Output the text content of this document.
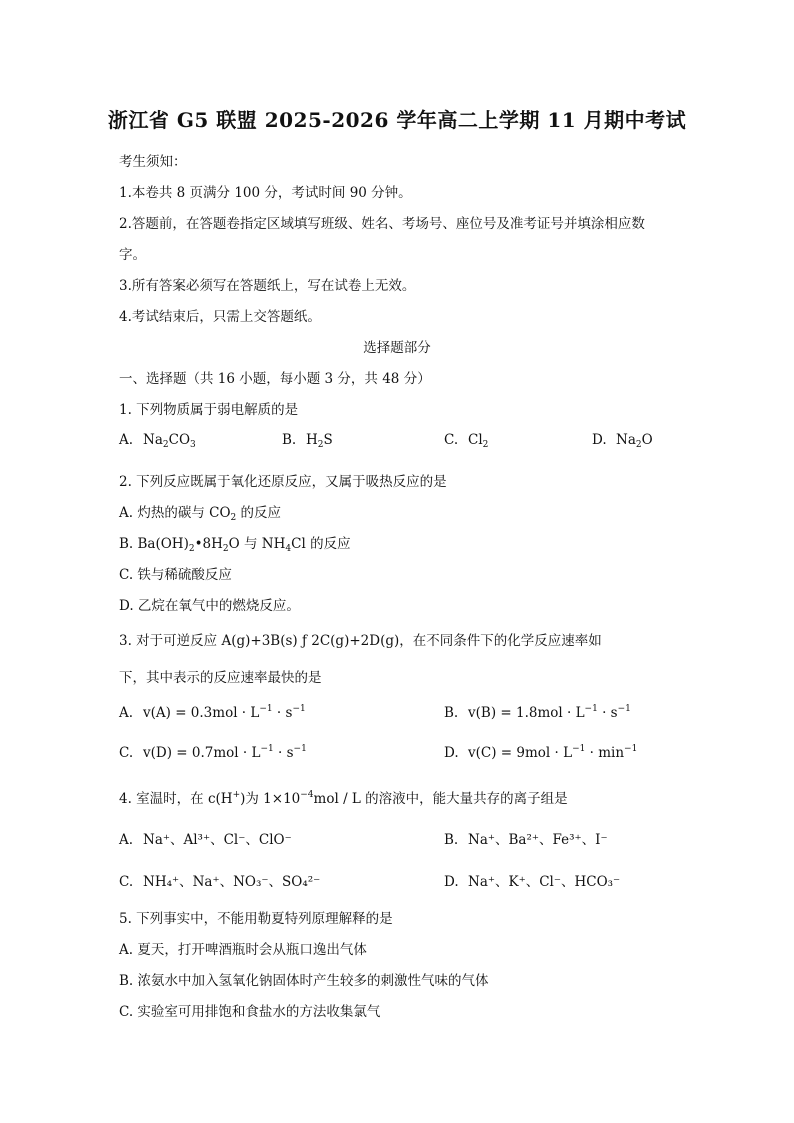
浙江省 G5 联盟 2025-2026 学年高二上学期 11 月期中考试
考生须知：
1.本卷共 8 页满分 100 分，考试时间 90 分钟。
2.答题前，在答题卷指定区域填写班级、姓名、考场号、座位号及准考证号并填涂相应数
字。
3.所有答案必须写在答题纸上，写在试卷上无效。
4.考试结束后，只需上交答题纸。
选择题部分
一、选择题（共 16 小题，每小题 3 分，共 48 分）
1. 下列物质属于弱电解质的是
A. $Na_2CO_3$	B. $H_2S$	C. $Cl_2$	D. $Na_2O$
2. 下列反应既属于氧化还原反应，又属于吸热反应的是
A. 灼热的碳与 $CO_2$ 的反应
B. $Ba(OH)_2•8H_2O$ 与 $NH_4Cl$ 的反应
C. 铁与稀硫酸反应
D. 乙烷在氧气中的燃烧反应。
3. 对于可逆反应 A(g)+3B(s) ƒ 2C(g)+2D(g)，在不同条件下的化学反应速率如
下，其中表示的反应速率最快的是
A. $v(A) = 0.3mol \cdot L^{-1} \cdot s^{-1}$	B. $v(B) = 1.8mol \cdot L^{-1} \cdot s^{-1}$
C. $v(D) = 0.7mol \cdot L^{-1} \cdot s^{-1}$	D. $v(C) = 9mol \cdot L^{-1} \cdot \min^{-1}$
4. 室温时，在 c(H+)为 $1\times 10^{-4}mol / L$ 的溶液中，能大量共存的离子组是
A. Na⁺、Al³⁺、Cl⁻、ClO⁻	B. Na⁺、Ba²⁺、Fe³⁺、I⁻
C. NH₄⁺、Na⁺、NO₃⁻、SO₄²⁻	D. Na⁺、K⁺、Cl⁻、HCO₃⁻
5. 下列事实中，不能用勒夏特列原理解释的是
A. 夏天，打开啤酒瓶时会从瓶口逸出气体
B. 浓氨水中加入氢氧化钠固体时产生较多的刺激性气味的气体
C. 实验室可用排饱和食盐水的方法收集氯气
